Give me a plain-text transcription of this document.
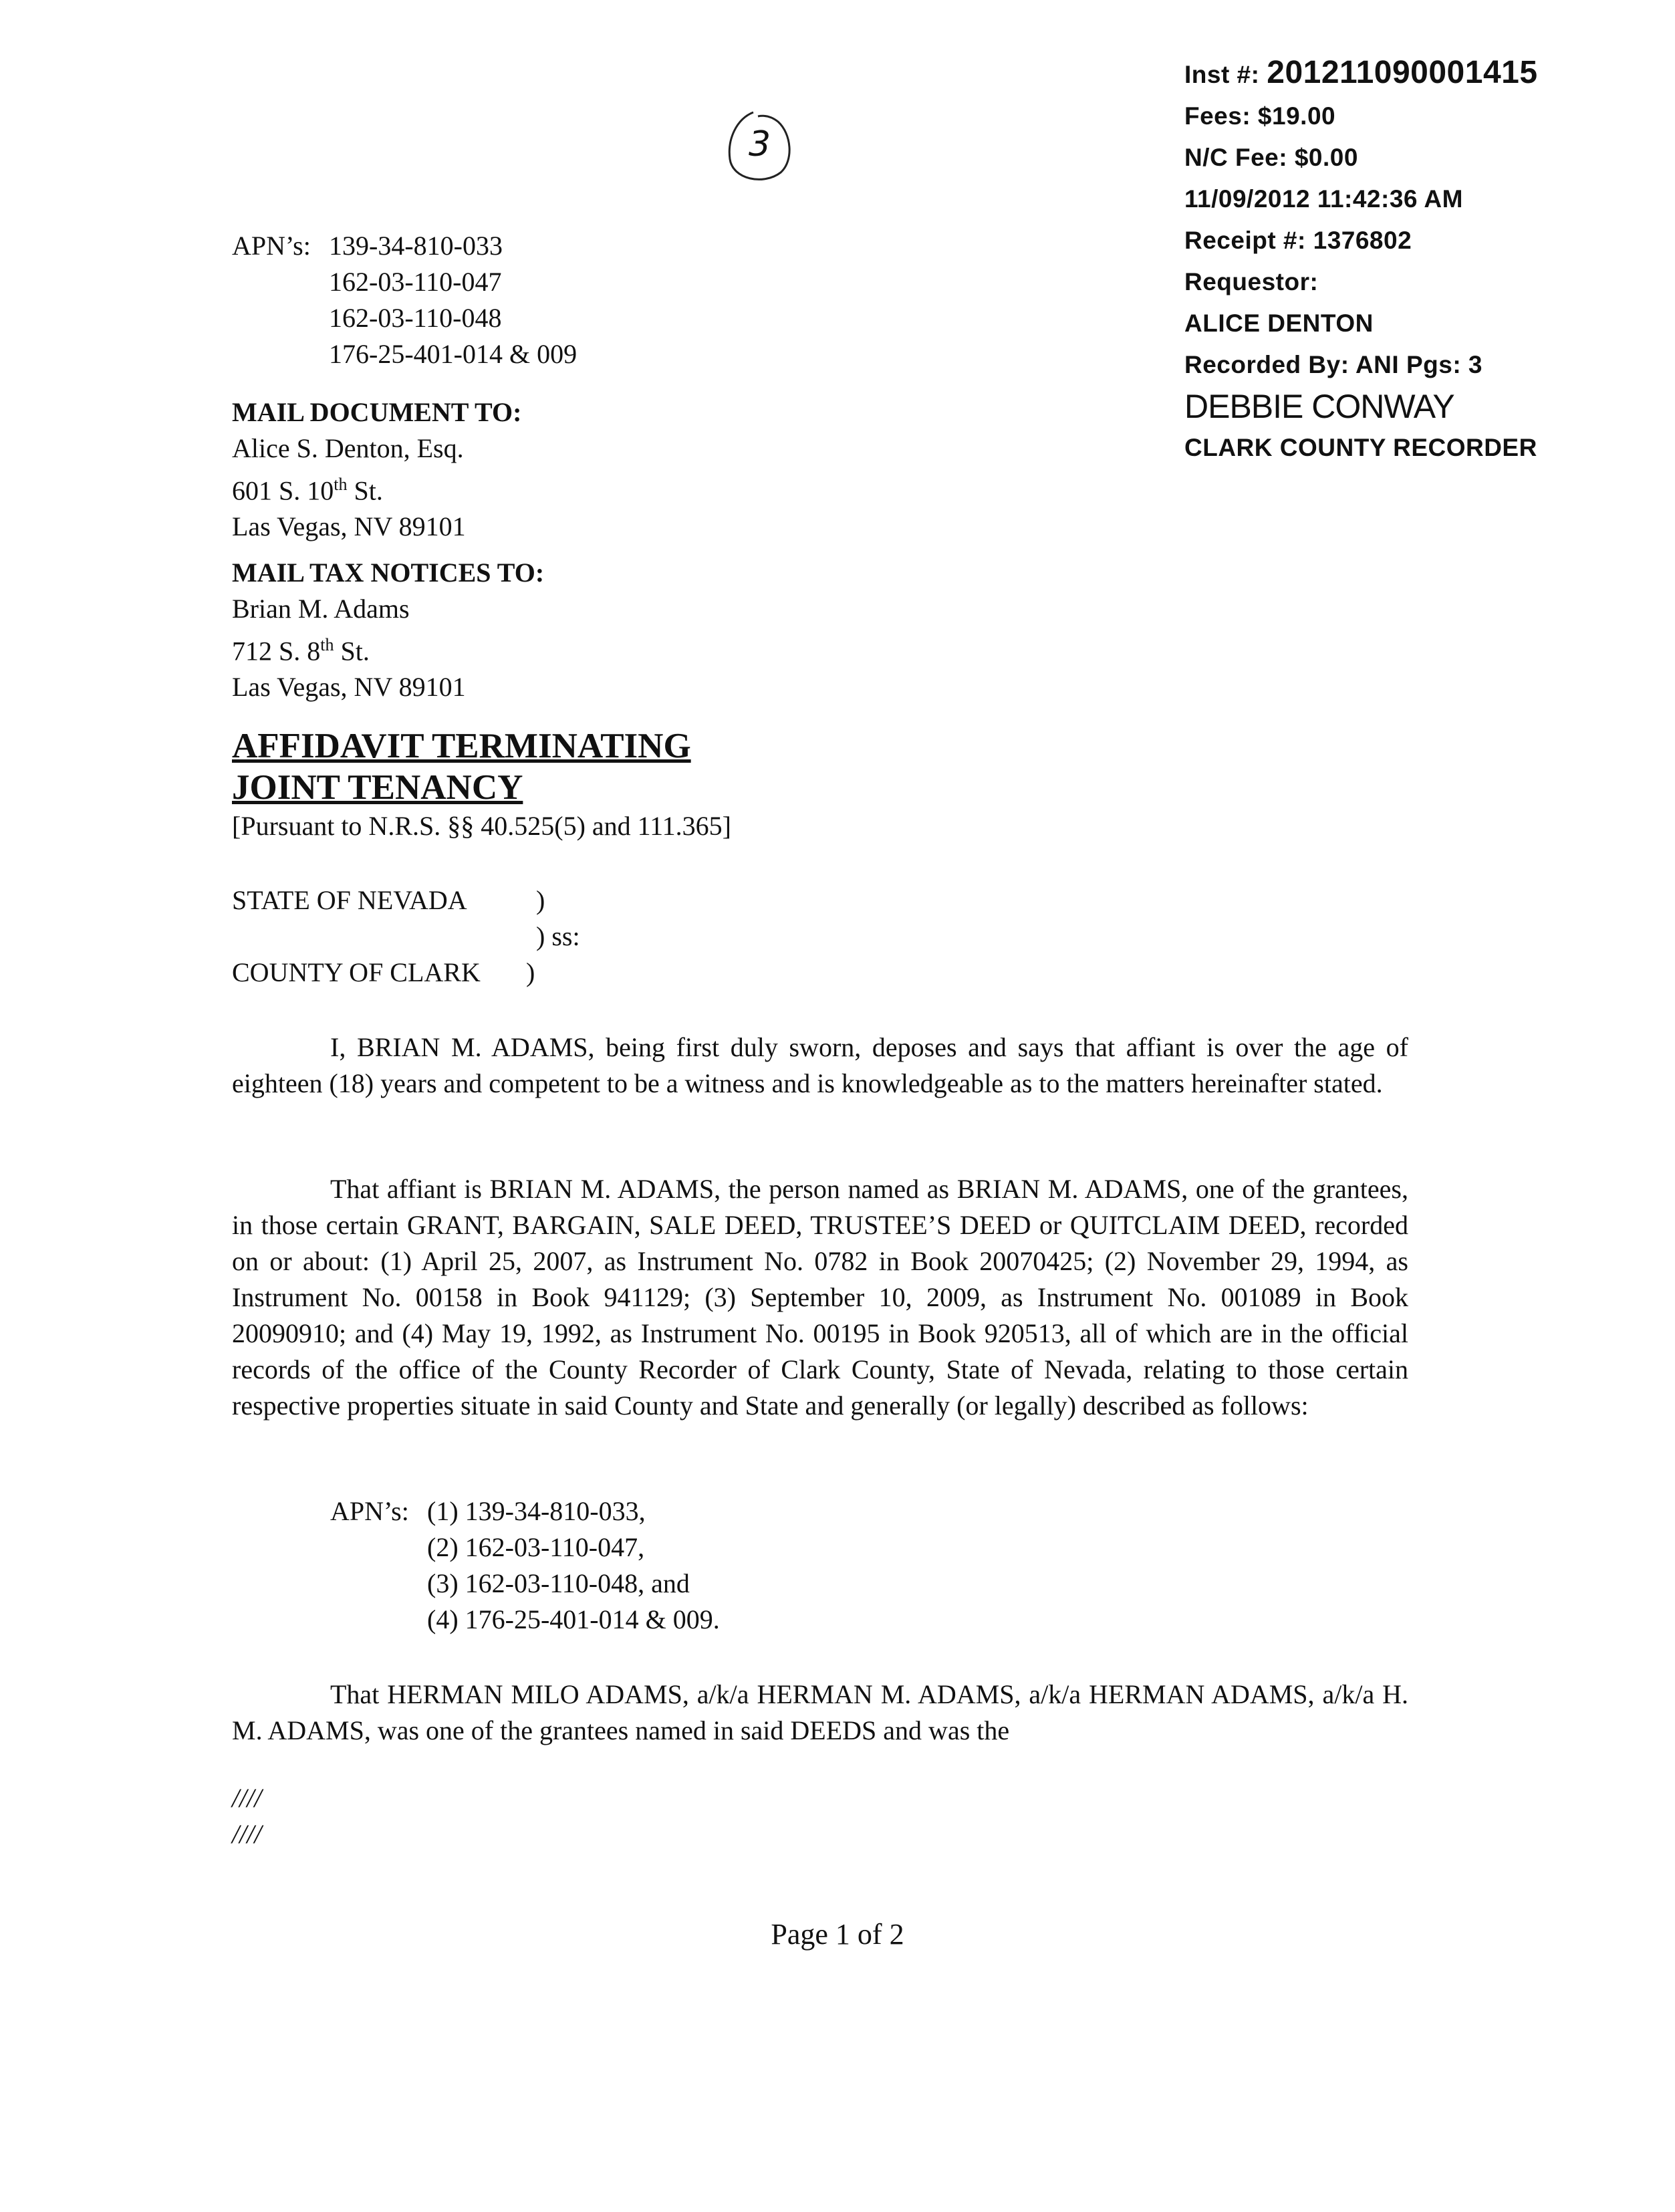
Inst #: 201211090001415
Fees: $19.00
N/C Fee: $0.00
11/09/2012 11:42:36 AM
Receipt #: 1376802
Requestor:
ALICE DENTON
Recorded By: ANI Pgs: 3
DEBBIE CONWAY
CLARK COUNTY RECORDER
3
APN’s: 139-34-810-033
162-03-110-047
162-03-110-048
176-25-401-014 & 009
MAIL DOCUMENT TO:
Alice S. Denton, Esq.
601 S. 10th St.
Las Vegas, NV 89101
MAIL TAX NOTICES TO:
Brian M. Adams
712 S. 8th St.
Las Vegas, NV 89101
AFFIDAVIT TERMINATING
JOINT TENANCY
[Pursuant to N.R.S. §§ 40.525(5) and 111.365]
STATE OF NEVADA	)
) ss:
COUNTY OF CLARK )
I, BRIAN M. ADAMS, being first duly sworn, deposes and says that affiant is over the age of eighteen (18) years and competent to be a witness and is knowledgeable as to the matters hereinafter stated.
That affiant is BRIAN M. ADAMS, the person named as BRIAN M. ADAMS, one of the grantees, in those certain GRANT, BARGAIN, SALE DEED, TRUSTEE’S DEED or QUITCLAIM DEED, recorded on or about: (1) April 25, 2007, as Instrument No. 0782 in Book 20070425; (2) November 29, 1994, as Instrument No. 00158 in Book 941129; (3) September 10, 2009, as Instrument No. 001089 in Book 20090910; and (4) May 19, 1992, as Instrument No. 00195 in Book 920513, all of which are in the official records of the office of the County Recorder of Clark County, State of Nevada, relating to those certain respective properties situate in said County and State and generally (or legally) described as follows:
APN’s: (1) 139-34-810-033,
(2) 162-03-110-047,
(3) 162-03-110-048, and
(4) 176-25-401-014 & 009.
That HERMAN MILO ADAMS, a/k/a HERMAN M. ADAMS, a/k/a HERMAN ADAMS, a/k/a H. M. ADAMS, was one of the grantees named in said DEEDS and was the
////
////
Page 1 of 2
